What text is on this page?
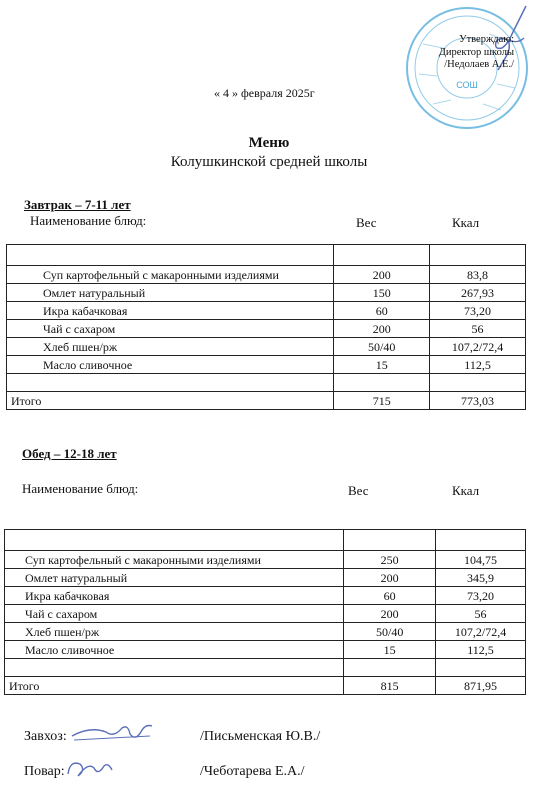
СОШ
Утверждаю:
Директор школы
/Недолаев А.Е./
« 4 » февраля 2025г
Меню
Колушкинской средней школы
Завтрак – 7-11 лет
Наименование блюд:	Вес	Ккал

Суп картофельный с макаронными изделиями	200	83,8
Омлет натуральный	150	267,93
Икра кабачковая	60	73,20
Чай с сахаром	200	56
Хлеб пшен/рж	50/40	107,2/72,4
Масло сливочное	15	112,5

Итого	715	773,03
Обед – 12-18 лет
Наименование блюд:	Вес	Ккал

Суп картофельный с макаронными изделиями	250	104,75
Омлет натуральный	200	345,9
Икра кабачковая	60	73,20
Чай с сахаром	200	56
Хлеб пшен/рж	50/40	107,2/72,4
Масло сливочное	15	112,5

Итого	815	871,95
Завхоз:	/Письменская Ю.В./
Повар:	/Чеботарева Е.А./
